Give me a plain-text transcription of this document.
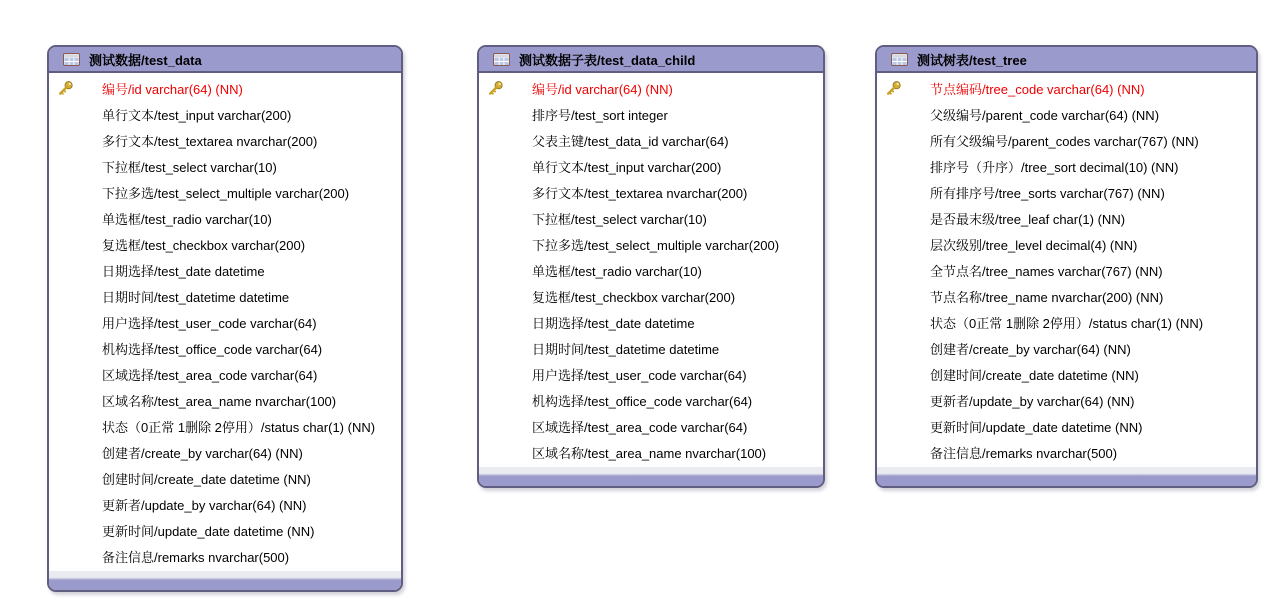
测试数据/test_data
编号/id varchar(64) (NN)
单行文本/test_input varchar(200)
多行文本/test_textarea nvarchar(200)
下拉框/test_select varchar(10)
下拉多选/test_select_multiple varchar(200)
单选框/test_radio varchar(10)
复选框/test_checkbox varchar(200)
日期选择/test_date datetime
日期时间/test_datetime datetime
用户选择/test_user_code varchar(64)
机构选择/test_office_code varchar(64)
区域选择/test_area_code varchar(64)
区域名称/test_area_name nvarchar(100)
状态（0正常 1删除 2停用）/status char(1) (NN)
创建者/create_by varchar(64) (NN)
创建时间/create_date datetime (NN)
更新者/update_by varchar(64) (NN)
更新时间/update_date datetime (NN)
备注信息/remarks nvarchar(500)
测试数据子表/test_data_child
编号/id varchar(64) (NN)
排序号/test_sort integer
父表主键/test_data_id varchar(64)
单行文本/test_input varchar(200)
多行文本/test_textarea nvarchar(200)
下拉框/test_select varchar(10)
下拉多选/test_select_multiple varchar(200)
单选框/test_radio varchar(10)
复选框/test_checkbox varchar(200)
日期选择/test_date datetime
日期时间/test_datetime datetime
用户选择/test_user_code varchar(64)
机构选择/test_office_code varchar(64)
区域选择/test_area_code varchar(64)
区域名称/test_area_name nvarchar(100)
测试树表/test_tree
节点编码/tree_code varchar(64) (NN)
父级编号/parent_code varchar(64) (NN)
所有父级编号/parent_codes varchar(767) (NN)
排序号（升序）/tree_sort decimal(10) (NN)
所有排序号/tree_sorts varchar(767) (NN)
是否最末级/tree_leaf char(1) (NN)
层次级别/tree_level decimal(4) (NN)
全节点名/tree_names varchar(767) (NN)
节点名称/tree_name nvarchar(200) (NN)
状态（0正常 1删除 2停用）/status char(1) (NN)
创建者/create_by varchar(64) (NN)
创建时间/create_date datetime (NN)
更新者/update_by varchar(64) (NN)
更新时间/update_date datetime (NN)
备注信息/remarks nvarchar(500)
